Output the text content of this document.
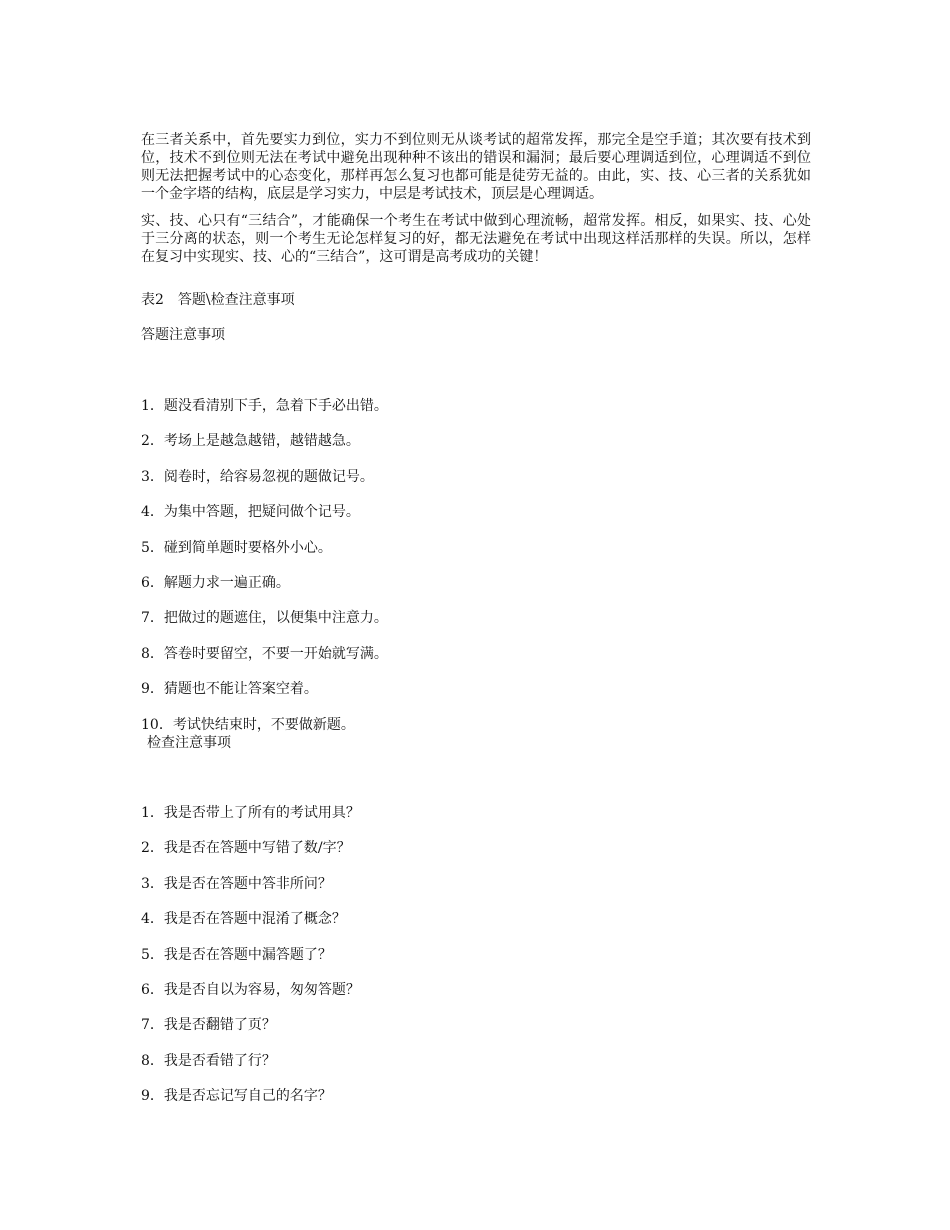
在三者关系中，首先要实力到位，实力不到位则无从谈考试的超常发挥，那完全是空手道；其次要有技术到位，技术不到位则无法在考试中避免出现种种不该出的错误和漏洞；最后要心理调适到位，心理调适不到位则无法把握考试中的心态变化，那样再怎么复习也都可能是徒劳无益的。由此，实、技、心三者的关系犹如一个金字塔的结构，底层是学习实力，中层是考试技术，顶层是心理调适。

实、技、心只有“三结合”，才能确保一个考生在考试中做到心理流畅，超常发挥。相反，如果实、技、心处于三分离的状态，则一个考生无论怎样复习的好，都无法避免在考试中出现这样活那样的失误。所以，怎样在复习中实现实、技、心的“三结合”，这可谓是高考成功的关键！

表2　答题\检查注意事项
答题注意事项
1．题没看清别下手，急着下手必出错。
2．考场上是越急越错，越错越急。
3．阅卷时，给容易忽视的题做记号。
4．为集中答题，把疑问做个记号。
5．碰到简单题时要格外小心。
6．解题力求一遍正确。
7．把做过的题遮住，以便集中注意力。
8．答卷时要留空，不要一开始就写满。
9．猜题也不能让答案空着。
10．考试快结束时，不要做新题。
检查注意事项
1．我是否带上了所有的考试用具？
2．我是否在答题中写错了数/字？
3．我是否在答题中答非所问？
4．我是否在答题中混淆了概念？
5．我是否在答题中漏答题了？
6．我是否自以为容易，匆匆答题？
7．我是否翻错了页？
8．我是否看错了行？
9．我是否忘记写自己的名字？
